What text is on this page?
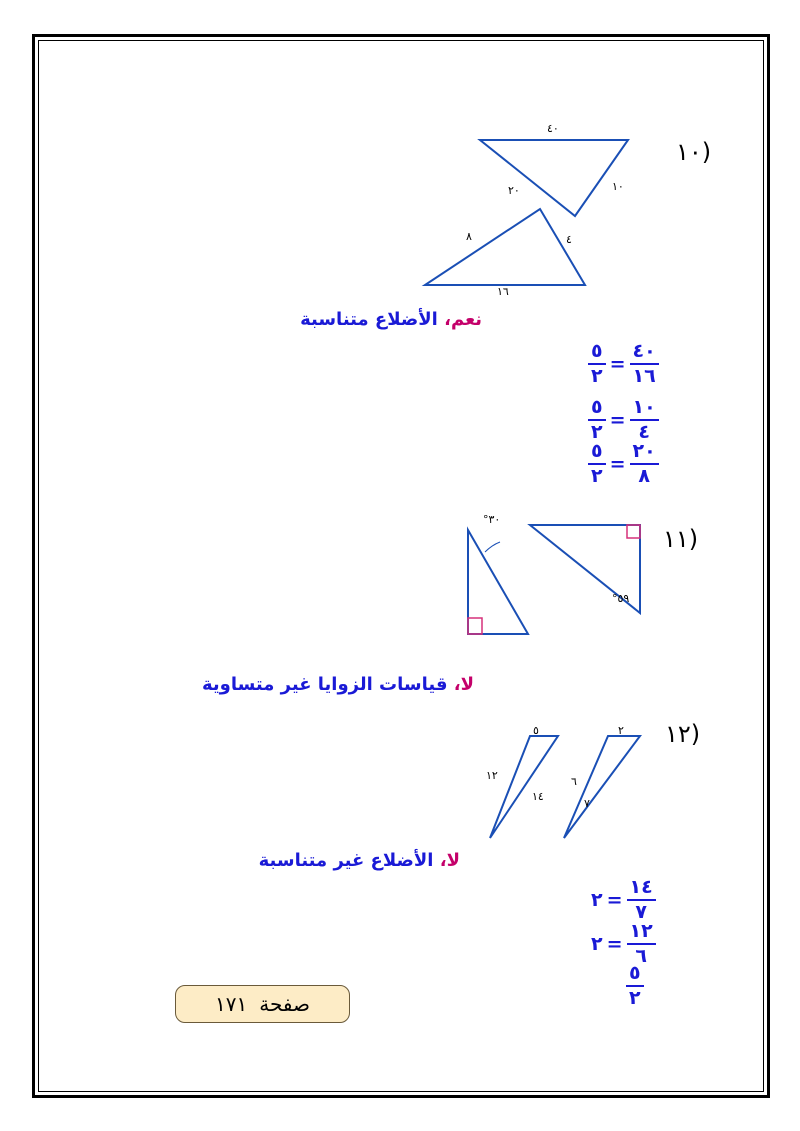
(١٠
٤٠
٢٠	١٠
٨	٤
١٦
نعم، الأضلاع متناسبة
$\frac{٥}{٢} = \frac{٤٠}{١٦}$
$\frac{٥}{٢} = \frac{١٠}{٤}$
$\frac{٥}{٢} = \frac{٢٠}{٨}$
(١١
°٣٠
°٥٩
لا، قياسات الزوايا غير متساوية
(١٢
٥
١٢
١٤
٢
٦
٧
لا، الأضلاع غير متناسبة
٢ = $\frac{١٤}{٧}$
٢ = $\frac{١٢}{٦}$
$\frac{٥}{٢}$
صفحة
١٧١
